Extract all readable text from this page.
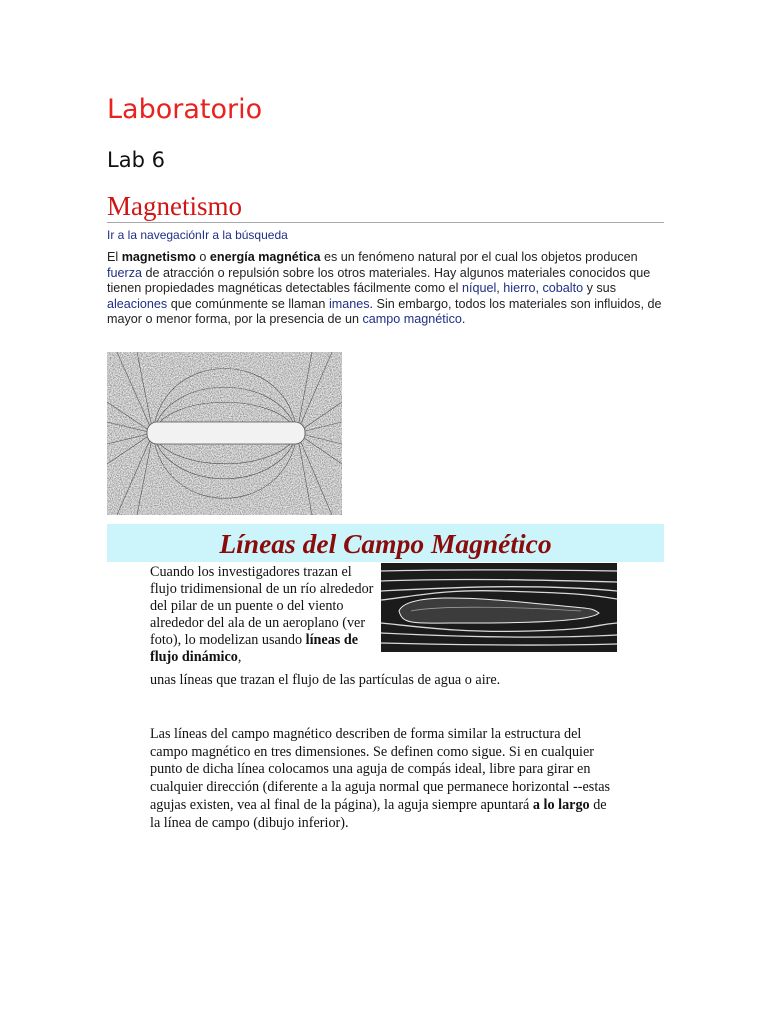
Laboratorio
Lab 6
Magnetismo
Ir a la navegaciónIr a la búsqueda
El magnetismo o energía magnética es un fenómeno natural por el cual los objetos producen fuerza de atracción o repulsión sobre los otros materiales. Hay algunos materiales conocidos que tienen propiedades magnéticas detectables fácilmente como el níquel, hierro, cobalto y sus aleaciones que comúnmente se llaman imanes. Sin embargo, todos los materiales son influidos, de mayor o menor forma, por la presencia de un campo magnético.
Líneas del Campo Magnético
Cuando los investigadores trazan el flujo tridimensional de un río alrededor del pilar de un puente o del viento alrededor del ala de un aeroplano (ver foto), lo modelizan usando líneas de flujo dinámico,
unas líneas que trazan el flujo de las partículas de agua o aire.
Las líneas del campo magnético describen de forma similar la estructura del campo magnético en tres dimensiones. Se definen como sigue. Si en cualquier punto de dicha línea colocamos una aguja de compás ideal, libre para girar en cualquier dirección (diferente a la aguja normal que permanece horizontal --estas agujas existen, vea al final de la página), la aguja siempre apuntará a lo largo de la línea de campo (dibujo inferior).
